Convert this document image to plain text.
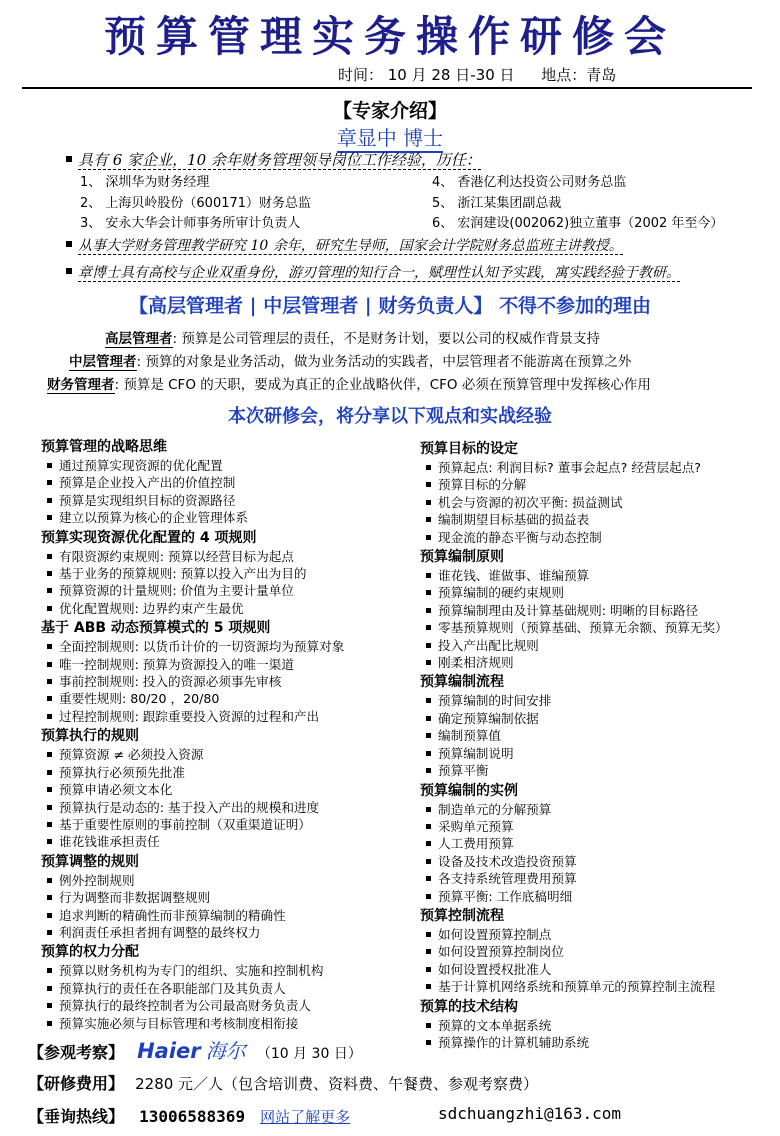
预算管理实务操作研修会
时间： 10 月 28 日-30 日 地点：青岛
【专家介绍】
章显中 博士
具有 6 家企业，10 余年财务管理领导岗位工作经验，历任：
1、 深圳华为财务经理
2、 上海贝岭股份（600171）财务总监
3、 安永大华会计师事务所审计负责人
4、 香港亿利达投资公司财务总监
5、 浙江某集团副总裁
6、 宏润建设(002062)独立董事（2002 年至今）
从事大学财务管理教学研究 10 余年，研究生导师，国家会计学院财务总监班主讲教授。
章博士具有高校与企业双重身份，游刃管理的知行合一，赋理性认知予实践，寓实践经验于教研。
【高层管理者 | 中层管理者 | 财务负责人】 不得不参加的理由
高层管理者: 预算是公司管理层的责任，不是财务计划，要以公司的权威作背景支持
中层管理者: 预算的对象是业务活动，做为业务活动的实践者，中层管理者不能游离在预算之外
财务管理者: 预算是 CFO 的天职，要成为真正的企业战略伙伴，CFO 必须在预算管理中发挥核心作用
本次研修会，将分享以下观点和实战经验
预算管理的战略思维
通过预算实现资源的优化配置
预算是企业投入产出的价值控制
预算是实现组织目标的资源路径
建立以预算为核心的企业管理体系
预算实现资源优化配置的 4 项规则
有限资源约束规则: 预算以经营目标为起点
基于业务的预算规则: 预算以投入产出为目的
预算资源的计量规则: 价值为主要计量单位
优化配置规则: 边界约束产生最优
基于 ABB 动态预算模式的 5 项规则
全面控制规则: 以货币计价的一切资源均为预算对象
唯一控制规则: 预算为资源投入的唯一渠道
事前控制规则: 投入的资源必须事先审核
重要性规则: 80/20 ，20/80
过程控制规则: 跟踪重要投入资源的过程和产出
预算执行的规则
预算资源 ≠ 必须投入资源
预算执行必须预先批准
预算申请必须文本化
预算执行是动态的: 基于投入产出的规模和进度
基于重要性原则的事前控制（双重渠道证明）
谁花钱谁承担责任
预算调整的规则
例外控制规则
行为调整而非数据调整规则
追求判断的精确性而非预算编制的精确性
利润责任承担者拥有调整的最终权力
预算的权力分配
预算以财务机构为专门的组织、实施和控制机构
预算执行的责任在各职能部门及其负责人
预算执行的最终控制者为公司最高财务负责人
预算实施必须与目标管理和考核制度相衔接
预算目标的设定
预算起点: 利润目标? 董事会起点? 经营层起点?
预算目标的分解
机会与资源的初次平衡: 损益测试
编制期望目标基础的损益表
现金流的静态平衡与动态控制
预算编制原则
谁花钱、谁做事、谁编预算
预算编制的硬约束规则
预算编制理由及计算基础规则: 明晰的目标路径
零基预算规则（预算基础、预算无余额、预算无奖）
投入产出配比规则
刚柔相济规则
预算编制流程
预算编制的时间安排
确定预算编制依据
编制预算值
预算编制说明
预算平衡
预算编制的实例
制造单元的分解预算
采购单元预算
人工费用预算
设备及技术改造投资预算
各支持系统管理费用预算
预算平衡: 工作底稿明细
预算控制流程
如何设置预算控制点
如何设置预算控制岗位
如何设置授权批准人
基于计算机网络系统和预算单元的预算控制主流程
预算的技术结构
预算的文本单据系统
预算操作的计算机辅助系统
【参观考察】 Haier 海尔 （10 月 30 日）
【研修费用】 2280 元／人（包含培训费、资料费、午餐费、参观考察费）
【垂询热线】 13006588369 网站了解更多	sdchuangzhi@163.com
